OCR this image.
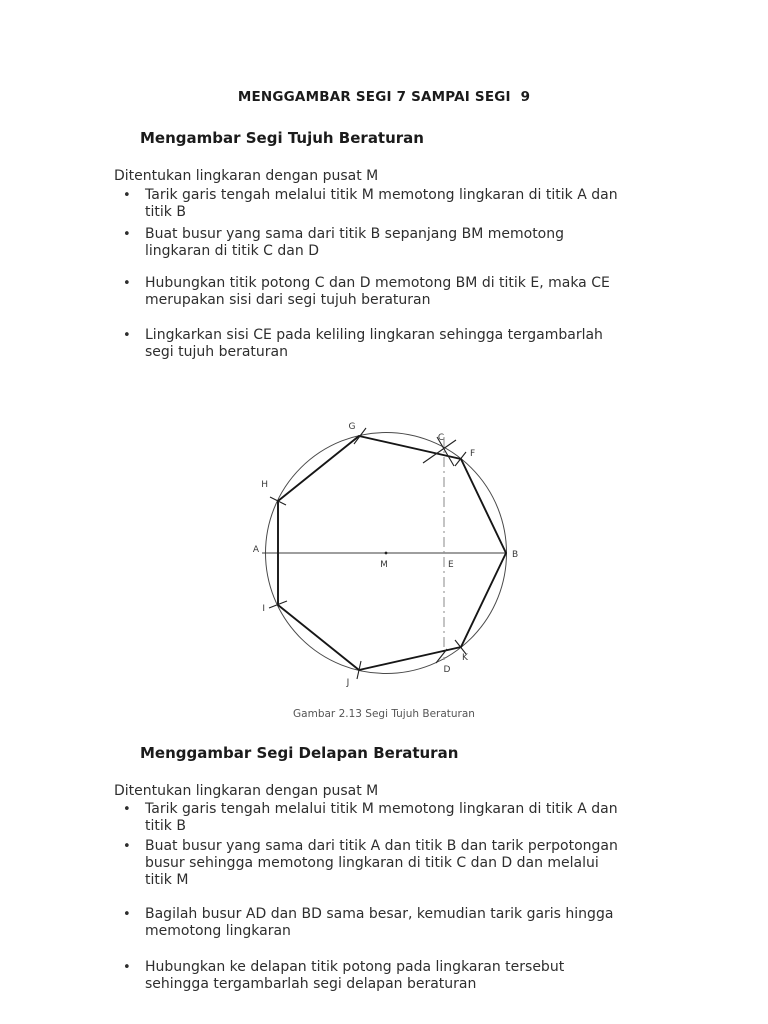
MENGGAMBAR SEGI 7 SAMPAI SEGI  9
Mengambar Segi Tujuh Beraturan
Ditentukan lingkaran dengan pusat M
•	Tarik garis tengah melalui titik M memotong lingkaran di titik A dan
titik B
•	Buat busur yang sama dari titik B sepanjang BM memotong
lingkaran di titik C dan D
•	Hubungkan titik potong C dan D memotong BM di titik E, maka CE
merupakan sisi dari segi tujuh beraturan
•	Lingkarkan sisi CE pada keliling lingkaran sehingga tergambarlah
segi tujuh beraturan
A	B
C
D
E
F
G
H
I
J
K
M
Gambar 2.13 Segi Tujuh Beraturan
Menggambar Segi Delapan Beraturan
Ditentukan lingkaran dengan pusat M
•	Tarik garis tengah melalui titik M memotong lingkaran di titik A dan
titik B
•	Buat busur yang sama dari titik A dan titik B dan tarik perpotongan
busur sehingga memotong lingkaran di titik C dan D dan melalui
titik M
•	Bagilah busur AD dan BD sama besar, kemudian tarik garis hingga
memotong lingkaran
•	Hubungkan ke delapan titik potong pada lingkaran tersebut
sehingga tergambarlah segi delapan beraturan
